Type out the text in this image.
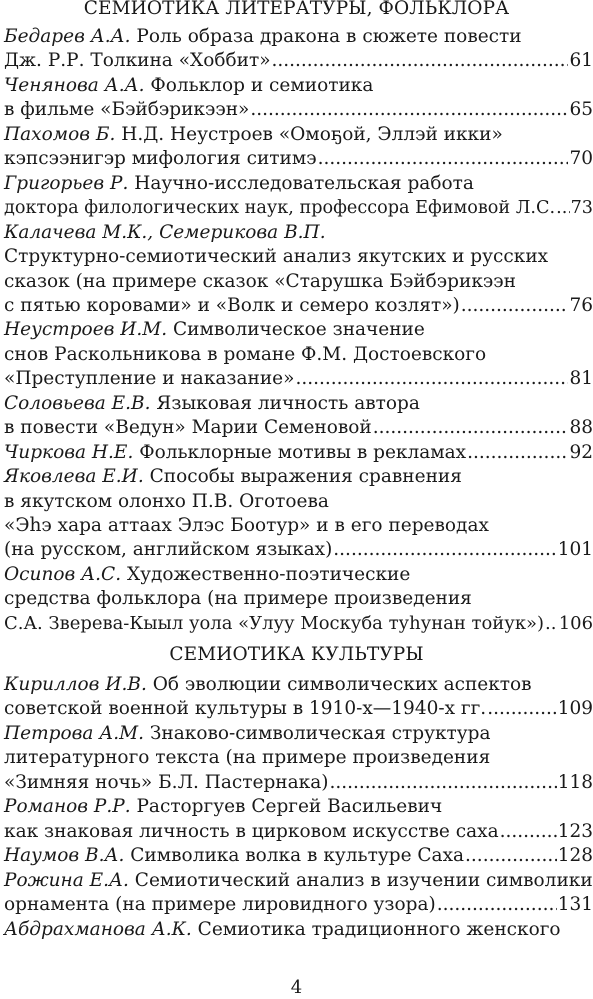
СЕМИОТИКА ЛИТЕРАТУРЫ, ФОЛЬКЛОРА
Бедарев А.А. Роль образа дракона в сюжете повести
Дж. Р.Р. Толкина «Хоббит» .....	61
Ченянова А.А. Фольклор и семиотика
в фильме «Бэйбэрикээн» .....	65
Пахомов Б. Н.Д. Неустроев «Омоҕой, Эллэй икки»
кэпсээнигэр мифология ситимэ .....	70
Григорьев Р. Научно-исследовательская работа
доктора филологических наук, профессора Ефимовой Л.С. ..... 73
Калачева М.К., Семерикова В.П.
Структурно-семиотический анализ якутских и русских
сказок (на примере сказок «Старушка Бэйбэрикээн
с пятью коровами» и «Волк и семеро козлят») .....	76
Неустроев И.М. Символическое значение
снов Раскольникова в романе Ф.М. Достоевского
«Преступление и наказание» .....	81
Соловьева Е.В. Языковая личность автора
в повести «Ведун» Марии Семеновой .....	88
Чиркова Н.Е. Фольклорные мотивы в рекламах .....	92
Яковлева Е.И. Способы выражения сравнения
в якутском олонхо П.В. Оготоева
«Эһэ хара аттаах Элэс Боотур» и в его переводах
(на русском, английском языках) .....	101
Осипов А.С. Художественно-поэтические
средства фольклора (на примере произведения
С.А. Зверева-Кыыл уола «Улуу Москуба туһунан тойук») ..... 106
Кириллов И.В. Об эволюции символических аспектов
советской военной культуры в 1910-х—1940-х гг. .....	109
Петрова А.М. Знаково-символическая структура
литературного текста (на примере произведения
«Зимняя ночь» Б.Л. Пастернака) .....	118
Романов Р.Р. Расторгуев Сергей Васильевич
как знаковая личность в цирковом искусстве саха .....	123
Наумов В.А. Символика волка в культуре Саха .....	128
Рожина Е.А. Семиотический анализ в изучении символики
орнамента (на примере лировидного узора) .....	131
Абдрахманова А.К. Семиотика традиционного женского
СЕМИОТИКА КУЛЬТУРЫ
4
